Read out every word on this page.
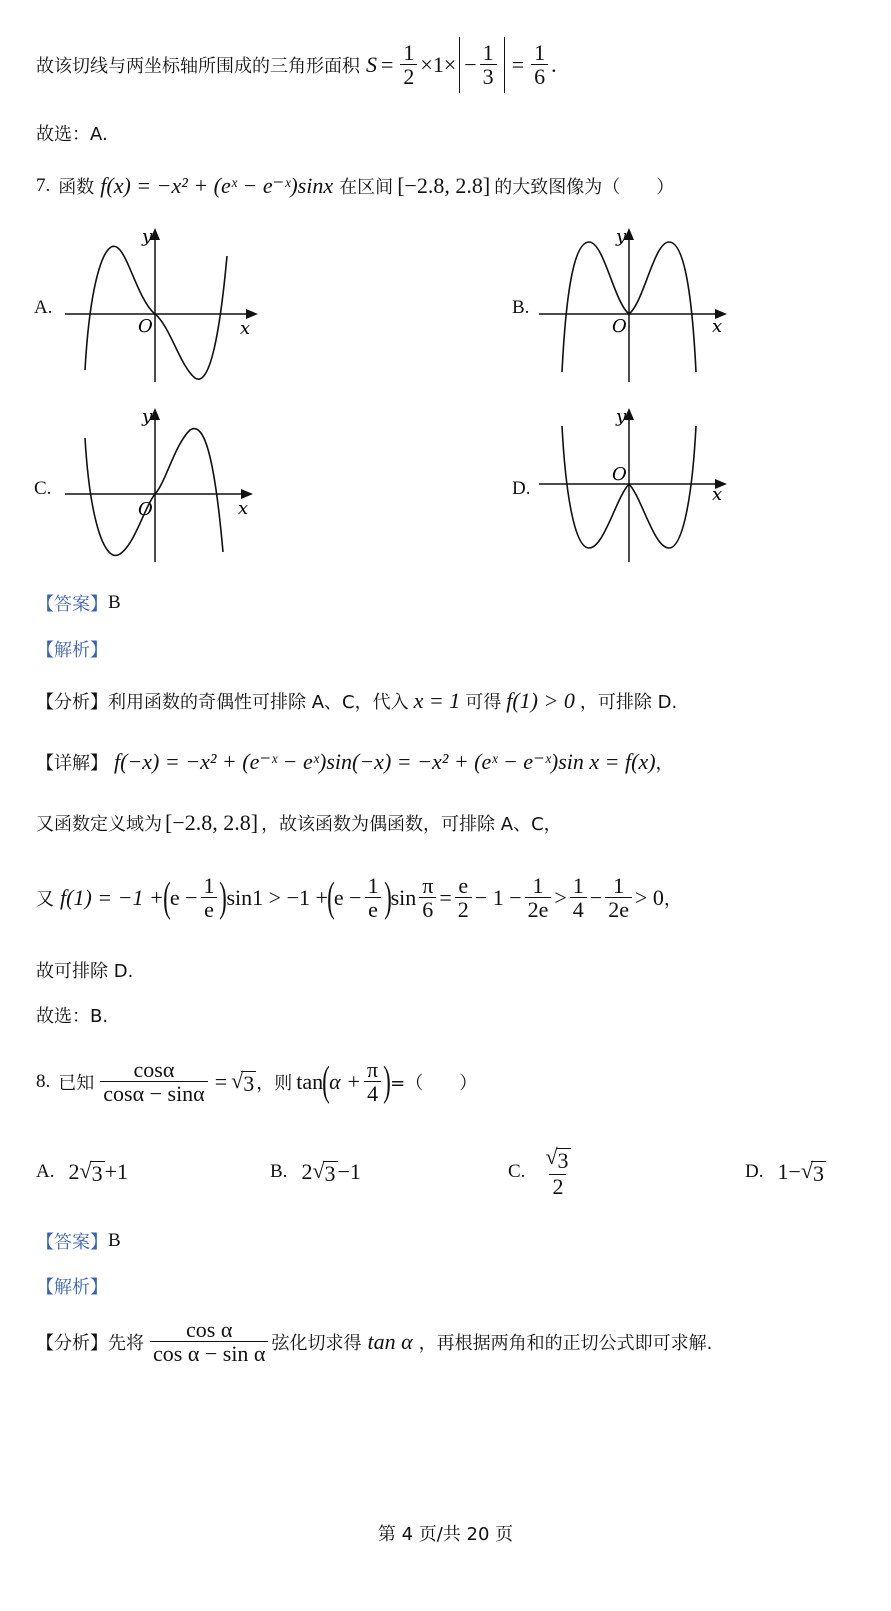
故该切线与两坐标轴所围成的三角形面积 $S = \frac{1}{2} \times 1\times - \frac{1}{3} = \frac{1}{6}$ .
故选：A.
7. 函数 f(x) = −x² + (eˣ − e⁻ˣ)sinx 在区间 [−2.8, 2.8] 的大致图像为（　　）
A.
y
x
O
B.
y
x
O
C.
y
x
O
D.
y
x
O
【答案】 B
【解析】
【分析】 利用函数的奇偶性可排除 A、C，代入 x = 1 可得 f(1) > 0 ，可排除 D.
【详解】 f(−x) = −x² + (e⁻ˣ − eˣ)sin(−x) = −x² + (eˣ − e⁻ˣ)sin x = f(x) ，
又函数定义域为 [−2.8, 2.8] ，故该函数为偶函数，可排除 A、C，
又 f(1) = −1 + ( $e - \frac{1}{e}$ ) sin1 > −1 + ( $e - \frac{1}{e}$ ) $\sin \frac{\pi}{6} = \frac{e}{2} - 1 - \frac{1}{2e} > \frac{1}{4} - \frac{1}{2e} > 0$ ，
故可排除 D.
故选：B.
8. 已知 $\frac{\cos\alpha}{\cos\alpha - \sin\alpha}$ = √ 3 ，则 tan ( $\alpha + \frac{\pi}{4}$ ) =（　　）
A. 2 √ 3 +1	B. 2 √ 3 −1	C. $\frac{√ 3}{2}$	D. 1− √ 3
【答案】 B
【解析】
【分析】 先将 $\frac{\text{cos α}}{\text{cos α − sin α}}$ 弦化切求得 tan α ，再根据两角和的正切公式即可求解.
第 4 页/共 20 页
